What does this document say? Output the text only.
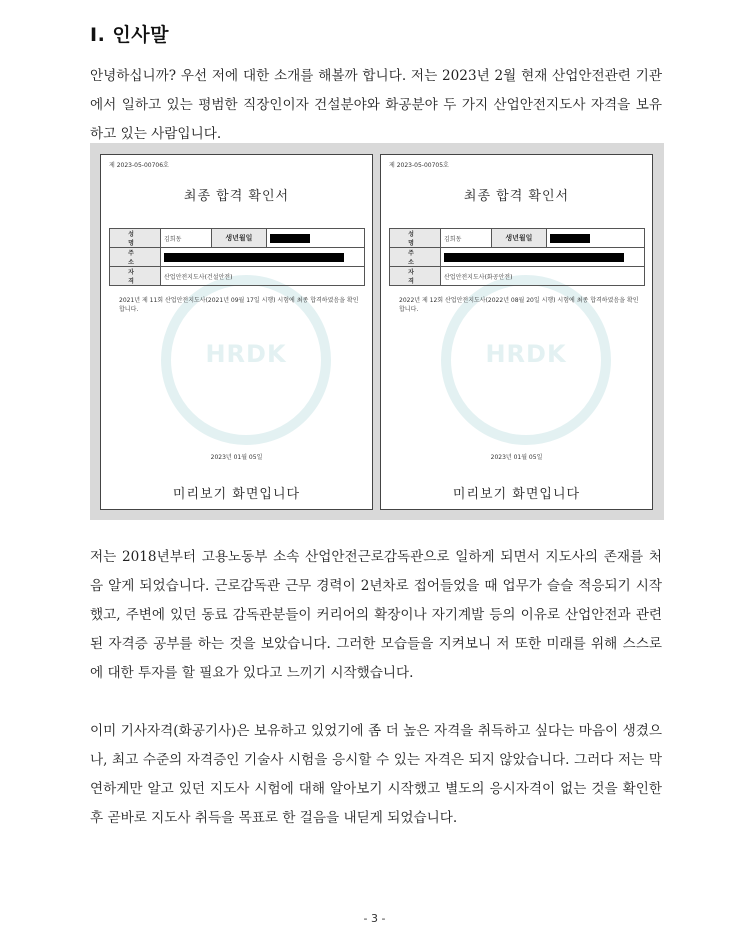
Ⅰ. 인사말

안녕하십니까? 우선 저에 대한 소개를 해볼까 합니다. 저는 2023년 2월 현재 산업안전관련 기관에서 일하고 있는 평범한 직장인이자 건설분야와 화공분야 두 가지 산업안전지도사 자격을 보유하고 있는 사람입니다.

HRDK
제 2023-05-00706호
최종 합격 확인서
성 명	김희동	생년월일	
주 소			
자 격	산업안전지도사(건설안전)		
2021년 제 11회 산업안전지도사(2021년 09월 17일 시행) 시험에 최종 합격하였음을 확인합니다.
2023년 01월 05일
미리보기 화면입니다
HRDK
제 2023-05-00705호
최종 합격 확인서
성 명	김희동	생년월일	
주 소			
자 격	산업안전지도사(화공안전)		
2022년 제 12회 산업안전지도사(2022년 08월 20일 시행) 시험에 최종 합격하였음을 확인합니다.
2023년 01월 05일
미리보기 화면입니다

저는 2018년부터 고용노동부 소속 산업안전근로감독관으로 일하게 되면서 지도사의 존재를 처음 알게 되었습니다. 근로감독관 근무 경력이 2년차로 접어들었을 때 업무가 슬슬 적응되기 시작했고, 주변에 있던 동료 감독관분들이 커리어의 확장이나 자기계발 등의 이유로 산업안전과 관련된 자격증 공부를 하는 것을 보았습니다. 그러한 모습들을 지켜보니 저 또한 미래를 위해 스스로에 대한 투자를 할 필요가 있다고 느끼기 시작했습니다.

이미 기사자격(화공기사)은 보유하고 있었기에 좀 더 높은 자격을 취득하고 싶다는 마음이 생겼으나, 최고 수준의 자격증인 기술사 시험을 응시할 수 있는 자격은 되지 않았습니다. 그러다 저는 막연하게만 알고 있던 지도사 시험에 대해 알아보기 시작했고 별도의 응시자격이 없는 것을 확인한 후 곧바로 지도사 취득을 목표로 한 걸음을 내딛게 되었습니다.

- 3 -
